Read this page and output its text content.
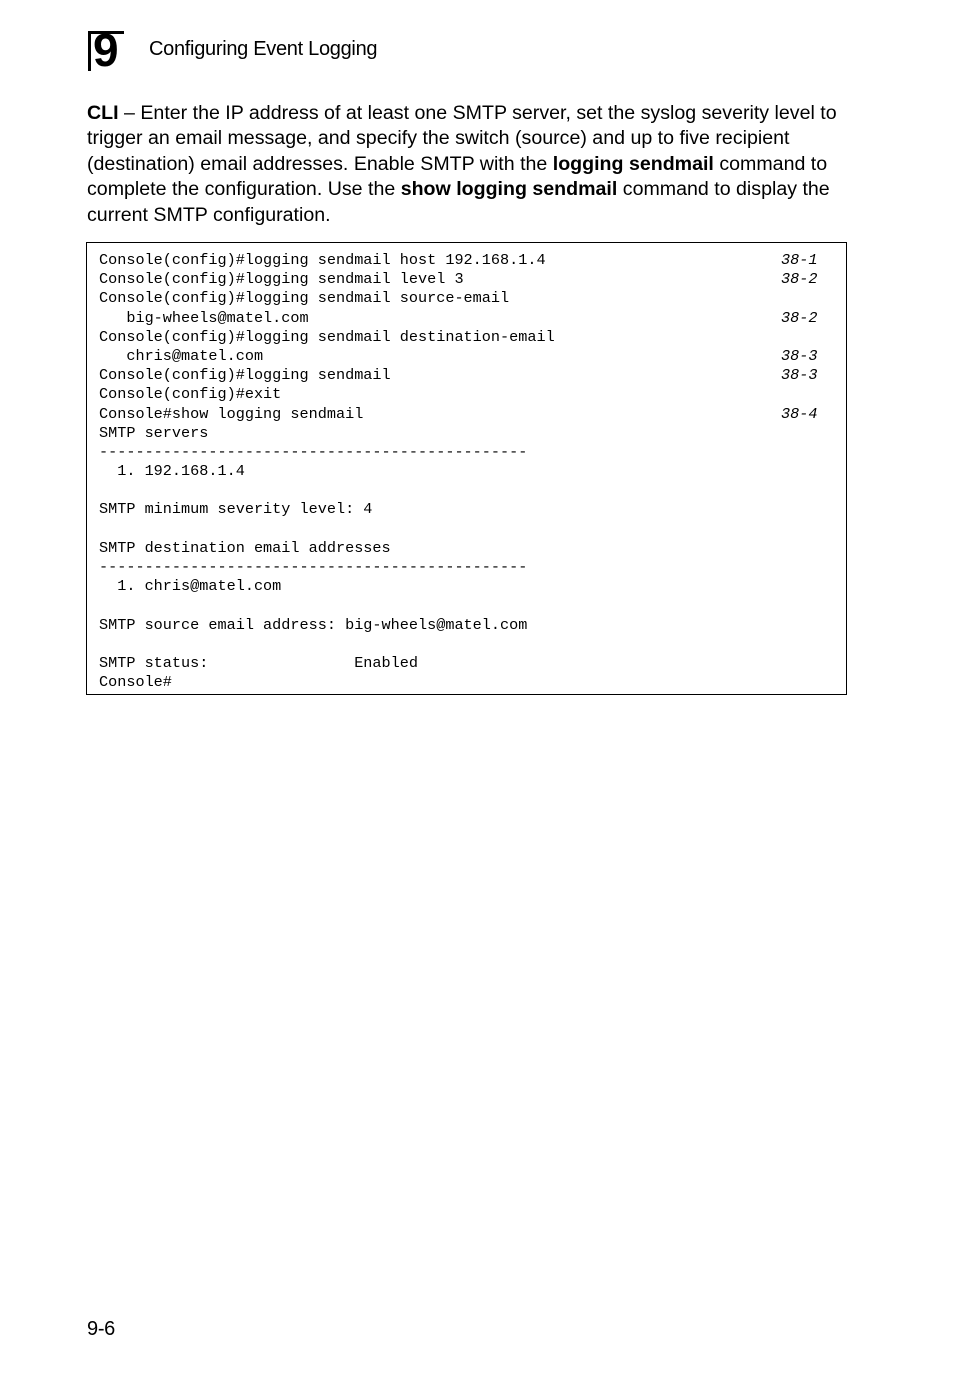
9 Configuring Event Logging

CLI – Enter the IP address of at least one SMTP server, set the syslog severity level to trigger an email message, and specify the switch (source) and up to five recipient (destination) email addresses. Enable SMTP with the logging sendmail command to complete the configuration. Use the show logging sendmail command to display the current SMTP configuration.

Console(config)#logging sendmail host 192.168.1.4	38-1
Console(config)#logging sendmail level 3	38-2
Console(config)#logging sendmail source-email
big-wheels@matel.com	38-2
Console(config)#logging sendmail destination-email
chris@matel.com	38-3
Console(config)#logging sendmail	38-3
Console(config)#exit
Console#show logging sendmail	38-4
SMTP servers
-----------------------------------------------
1. 192.168.1.4
SMTP minimum severity level: 4
SMTP destination email addresses
-----------------------------------------------
1. chris@matel.com
SMTP source email address: big-wheels@matel.com
SMTP status:                Enabled
Console#
9-6
